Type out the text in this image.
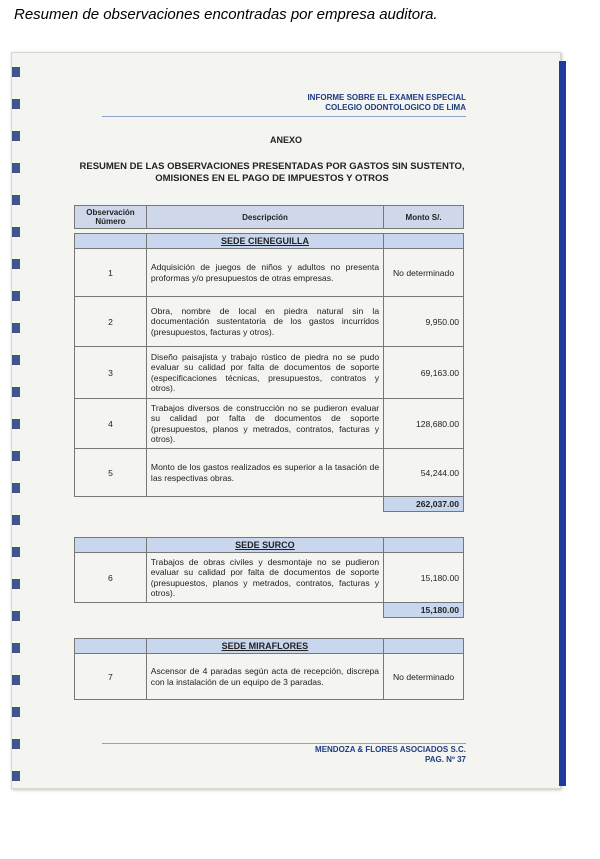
Resumen de observaciones encontradas por empresa auditora.
INFORME SOBRE EL EXAMEN ESPECIAL
COLEGIO ODONTOLOGICO DE LIMA
ANEXO
RESUMEN DE LAS OBSERVACIONES PRESENTADAS POR GASTOS SIN SUSTENTO,
OMISIONES EN EL PAGO DE IMPUESTOS Y OTROS
Observación
Número	Descripción	Monto S/.

	SEDE CIENEGUILLA	
1	Adquisición de juegos de niños y adultos no presenta proformas y/o presupuestos de otras empresas.	No determinado
2	Obra, nombre de local en piedra natural sin la documentación sustentatoria de los gastos incurridos (presupuestos, facturas y otros).	9,950.00
3	Diseño paisajista y trabajo rústico de piedra no se pudo evaluar su calidad por falta de documentos de soporte (especificaciones técnicas, presupuestos, contratos y otros).	69,163.00
4	Trabajos diversos de construcción no se pudieron evaluar su calidad por falta de documentos de soporte (presupuestos, planos y metrados, contratos, facturas y otros).	128,680.00
5	Monto de los gastos realizados es superior a la tasación de las respectivas obras.	54,244.00
		262,037.00
	SEDE SURCO	
6	Trabajos de obras civiles y desmontaje no se pudieron evaluar su calidad por falta de documentos de soporte (presupuestos, planos y metrados, contratos, facturas y otros).	15,180.00
		15,180.00
	SEDE MIRAFLORES	
7	Ascensor de 4 paradas según acta de recepción, discrepa con la instalación de un equipo de 3 paradas.	No determinado
MENDOZA & FLORES ASOCIADOS S.C.
PAG. Nº 37
